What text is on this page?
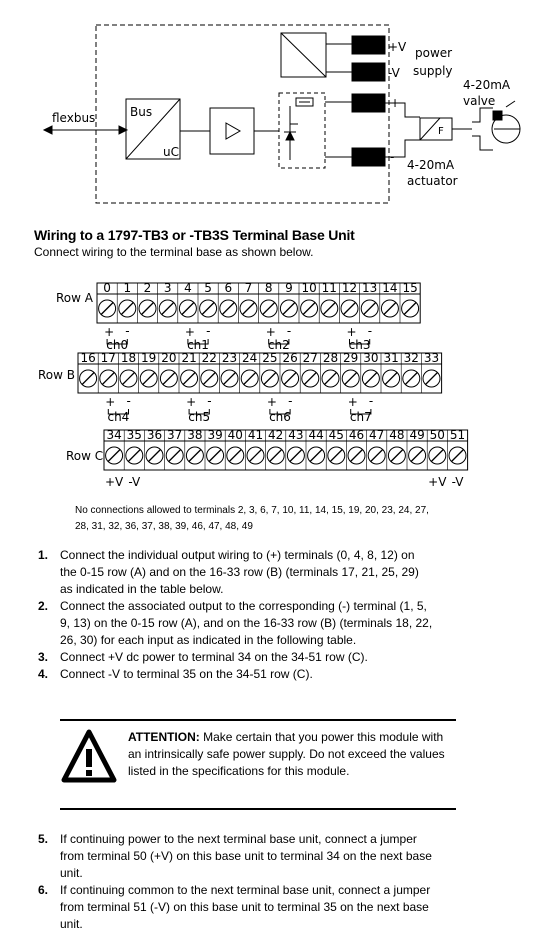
flexbus	Bus
uC
+V
-V
power
supply
+
-
4-20mA
valve
4-20mA
actuator
F
Row A
0 1 2 3 4 5 6 7 8 9 10 11 12 13 14 15
Row B
16 17 18 19 20 21 22 23 24 25 26 27 28 29 30 31 32 33
Row C
34 35 36 37 38 39 40 41 42 43 44 45 46 47 48 49 50 51
+ -
ch0
+ -
ch1
+ -
ch2
+ -
ch3
+ -
ch4
+ -
ch5
+ -
ch6
+ -
ch7
+V -V	+V -V
Wiring to a 1797-TB3 or -TB3S Terminal Base Unit
Connect wiring to the terminal base as shown below.
No connections allowed to terminals 2, 3, 6, 7, 10, 11, 14, 15, 19, 20, 23, 24, 27, 28, 31, 32, 36, 37, 38, 39, 46, 47, 48, 49
1. Connect the individual output wiring to (+) terminals (0, 4, 8, 12) on the 0-15 row (A) and on the 16-33 row (B) (terminals 17, 21, 25, 29) as indicated in the table below.
2. Connect the associated output to the corresponding (-) terminal (1, 5, 9, 13) on the 0-15 row (A), and on the 16-33 row (B) (terminals 18, 22, 26, 30) for each input as indicated in the following table.
3. Connect +V dc power to terminal 34 on the 34-51 row (C).
4. Connect -V to terminal 35 on the 34-51 row (C).
ATTENTION: Make certain that you power this module with an intrinsically safe power supply. Do not exceed the values listed in the specifications for this module.
5. If continuing power to the next terminal base unit, connect a jumper from terminal 50 (+V) on this base unit to terminal 34 on the next base unit.
6. If continuing common to the next terminal base unit, connect a jumper from terminal 51 (-V) on this base unit to terminal 35 on the next base unit.
